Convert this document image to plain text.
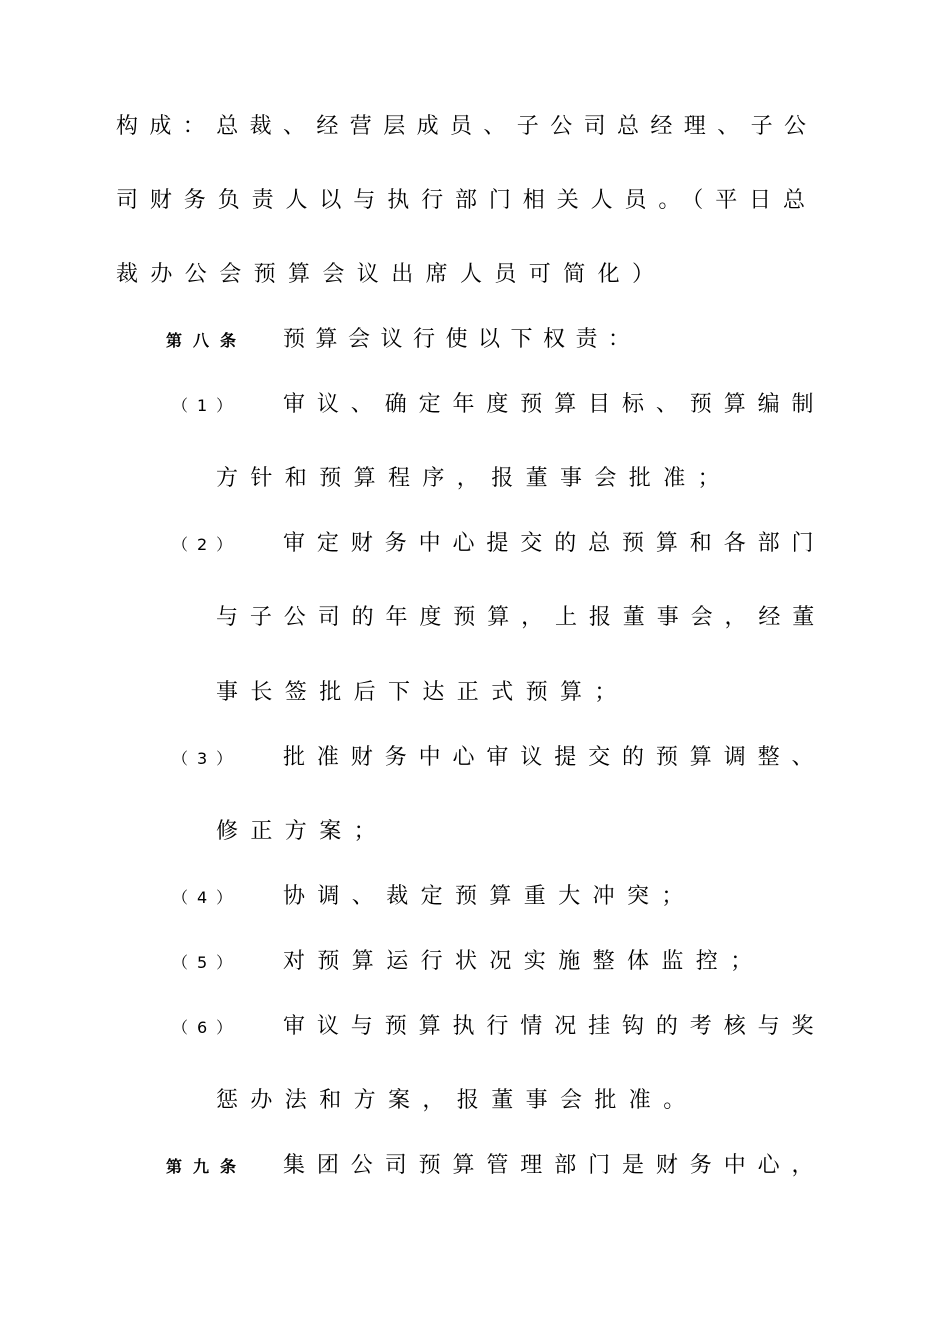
构成：总裁、经营层成员、子公司总经理、子公
司财务负责人以与执行部门相关人员。（平日总
裁办公会预算会议出席人员可简化）
第八条 预算会议行使以下权责：
（1） 审议、确定年度预算目标、预算编制
方针和预算程序，报董事会批准；
（2） 审定财务中心提交的总预算和各部门
与子公司的年度预算，上报董事会，经董
事长签批后下达正式预算；
（3） 批准财务中心审议提交的预算调整、
修正方案；
（4） 协调、裁定预算重大冲突；
（5） 对预算运行状况实施整体监控；
（6） 审议与预算执行情况挂钩的考核与奖
惩办法和方案，报董事会批准。
第九条 集团公司预算管理部门是财务中心，
